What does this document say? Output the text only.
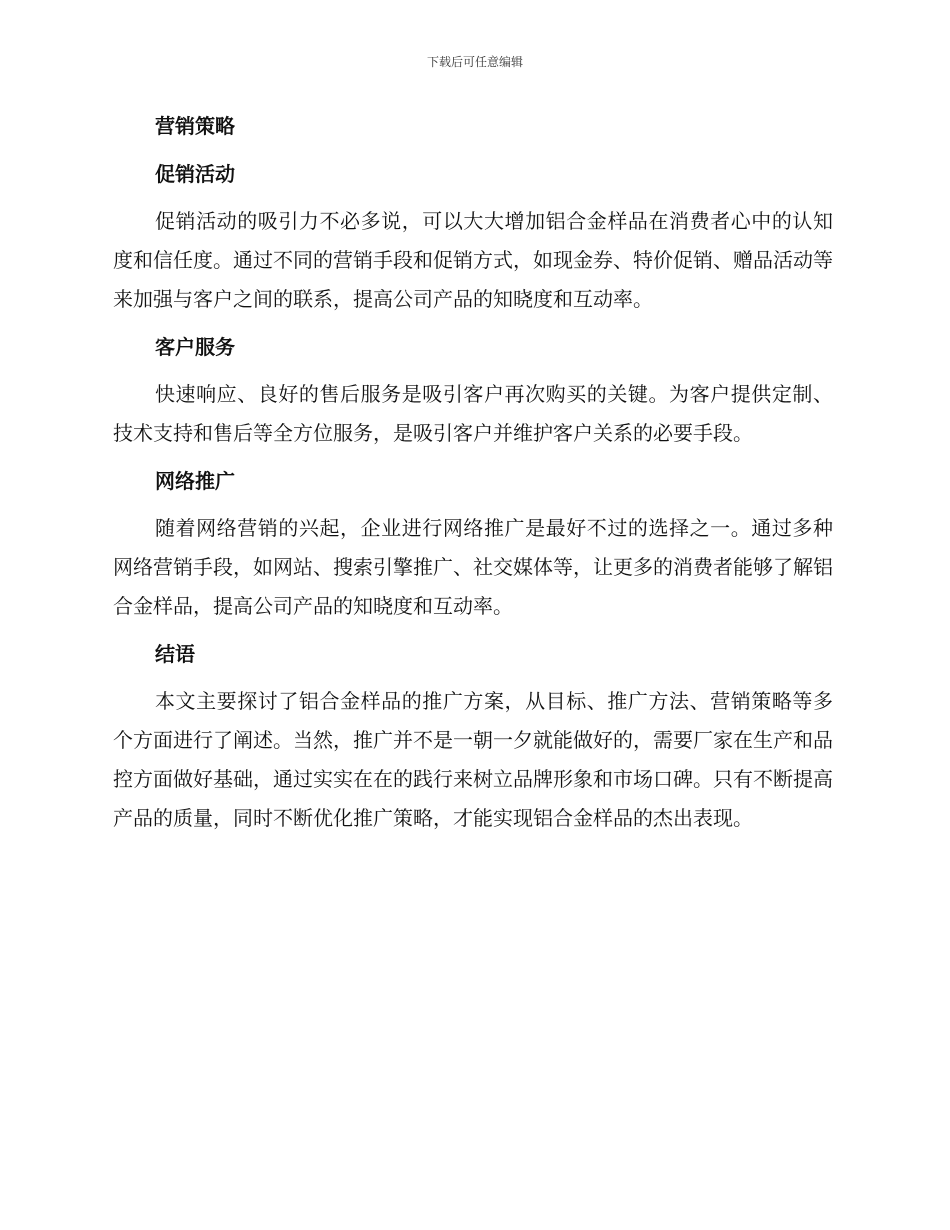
下载后可任意编辑
营销策略
促销活动

促销活动的吸引力不必多说，可以大大增加铝合金样品在消费者心中的认知度和信任度。通过不同的营销手段和促销方式，如现金券、特价促销、赠品活动等来加强与客户之间的联系，提高公司产品的知晓度和互动率。

客户服务

快速响应、良好的售后服务是吸引客户再次购买的关键。为客户提供定制、技术支持和售后等全方位服务，是吸引客户并维护客户关系的必要手段。

网络推广

随着网络营销的兴起，企业进行网络推广是最好不过的选择之一。通过多种网络营销手段，如网站、搜索引擎推广、社交媒体等，让更多的消费者能够了解铝合金样品，提高公司产品的知晓度和互动率。

结语

本文主要探讨了铝合金样品的推广方案，从目标、推广方法、营销策略等多个方面进行了阐述。当然，推广并不是一朝一夕就能做好的，需要厂家在生产和品控方面做好基础，通过实实在在的践行来树立品牌形象和市场口碑。只有不断提高产品的质量，同时不断优化推广策略，才能实现铝合金样品的杰出表现。
